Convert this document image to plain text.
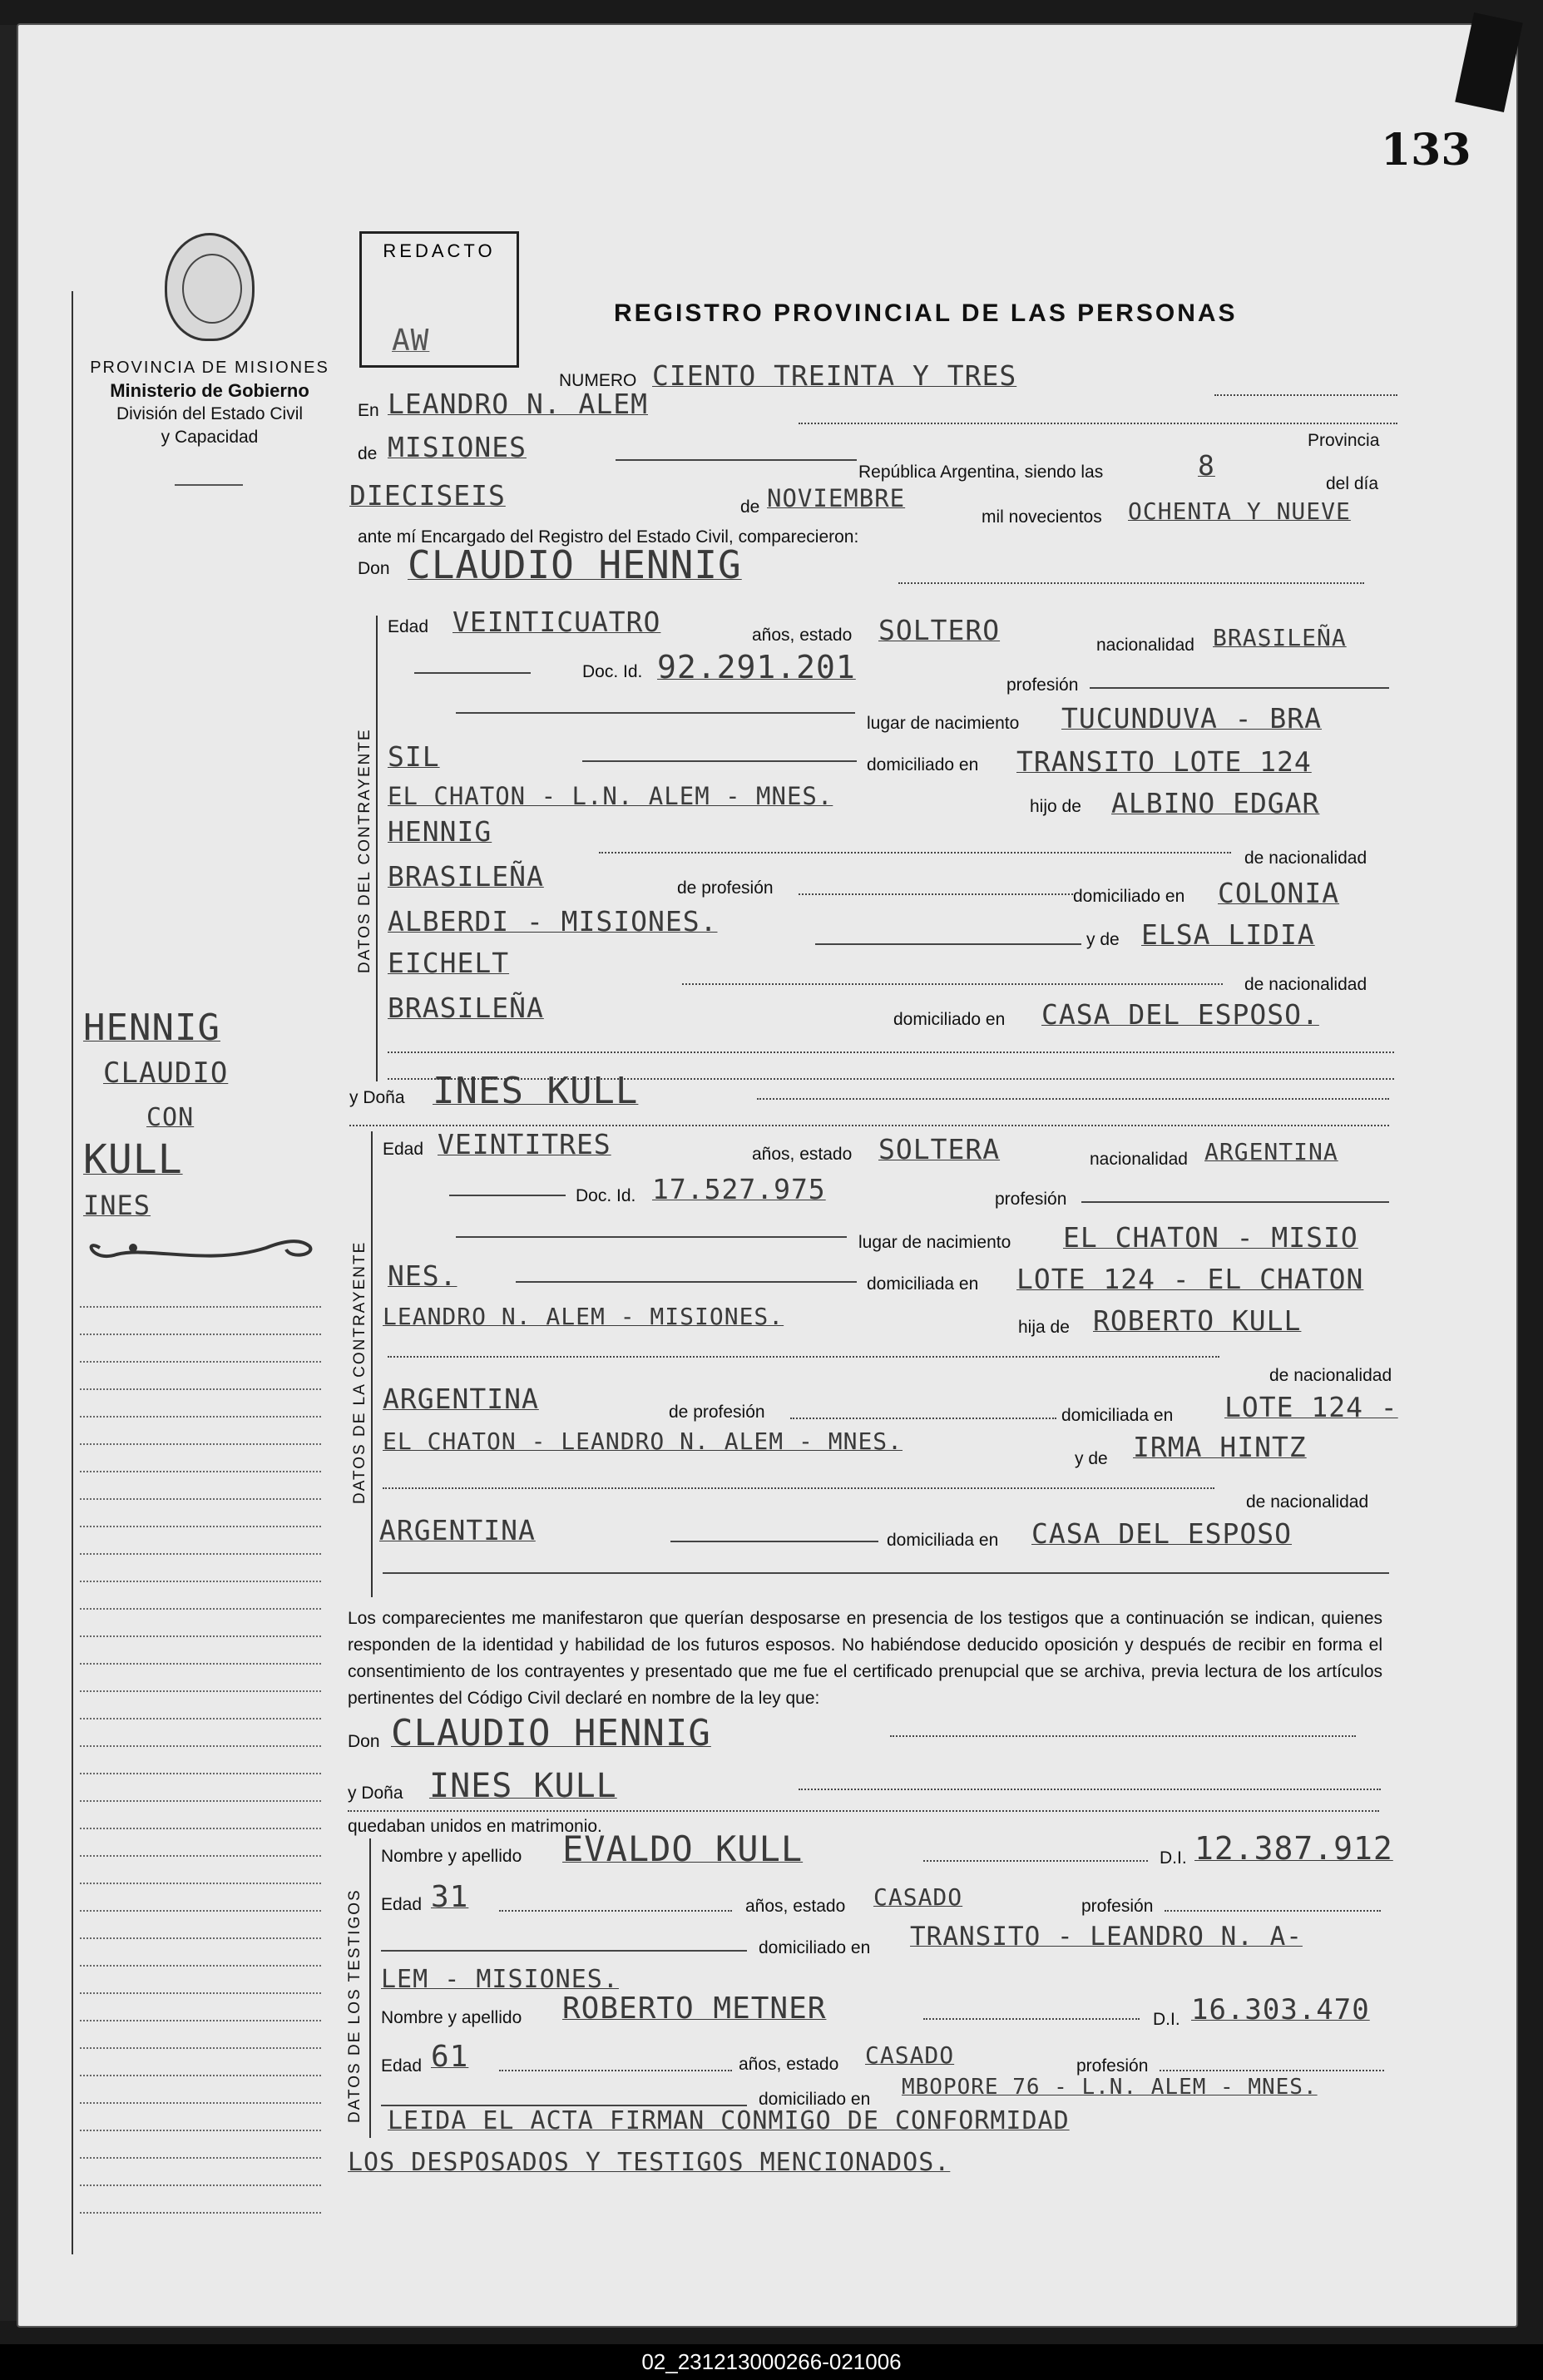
133
PROVINCIA DE MISIONES
Ministerio de Gobierno
División del Estado Civil
y Capacidad
REDACTO
AW
REGISTRO PROVINCIAL DE LAS PERSONAS
NUMERO CIENTO TREINTA Y TRES
En LEANDRO N. ALEM
Provincia
de MISIONES
República Argentina, siendo las	8
del día
DIECISEIS	de NOVIEMBRE
mil novecientos OCHENTA Y NUEVE
ante mí Encargado del Registro del Estado Civil, comparecieron:
Don CLAUDIO HENNIG
DATOS DEL CONTRAYENTE
Edad VEINTICUATRO	años, estado SOLTERO	nacionalidad BRASILEÑA
Doc. Id. 92.291.201	profesión
lugar de nacimiento TUCUNDUVA - BRA
SIL	domiciliado en TRANSITO LOTE 124
EL CHATON - L.N. ALEM - MNES.	hijo de ALBINO EDGAR
HENNIG
de nacionalidad
BRASILEÑA	de profesión	domiciliado en COLONIA
ALBERDI - MISIONES.
y de ELSA LIDIA
EICHELT
de nacionalidad
BRASILEÑA	domiciliado en CASA DEL ESPOSO.
y Doña INES KULL
DATOS DE LA CONTRAYENTE
Edad VEINTITRES	años, estado SOLTERA	nacionalidad ARGENTINA
Doc. Id. 17.527.975	profesión
lugar de nacimiento EL CHATON - MISIO
NES.	domiciliada en LOTE 124 - EL CHATON
LEANDRO N. ALEM - MISIONES.	hija de ROBERTO KULL
de nacionalidad
ARGENTINA	de profesión	domiciliada en LOTE 124 -
EL CHATON - LEANDRO N. ALEM - MNES.
y de IRMA HINTZ
de nacionalidad
ARGENTINA	domiciliada en CASA DEL ESPOSO
Los comparecientes me manifestaron que querían desposarse en presencia de los testigos que a continuación se indican, quienes responden de la identidad y habilidad de los futuros esposos. No habiéndose deducido oposición y después de recibir en forma el consentimiento de los contrayentes y presentado que me fue el certificado prenupcial que se archiva, previa lectura de los artículos pertinentes del Código Civil declaré en nombre de la ley que:
Don CLAUDIO HENNIG
y Doña INES KULL
quedaban unidos en matrimonio.
DATOS DE LOS TESTIGOS
Nombre y apellido EVALDO KULL	D.I. 12.387.912
Edad 31	años, estado CASADO	profesión
domiciliado en TRANSITO - LEANDRO N. A-
LEM - MISIONES.
Nombre y apellido ROBERTO METNER	D.I. 16.303.470
Edad 61	años, estado CASADO	profesión
domiciliado en MBOPORE 76 - L.N. ALEM - MNES.
LEIDA EL ACTA FIRMAN CONMIGO DE CONFORMIDAD
LOS DESPOSADOS Y TESTIGOS MENCIONADOS.
HENNIG
CLAUDIO
CON
KULL
INES
02_231213000266-021006
